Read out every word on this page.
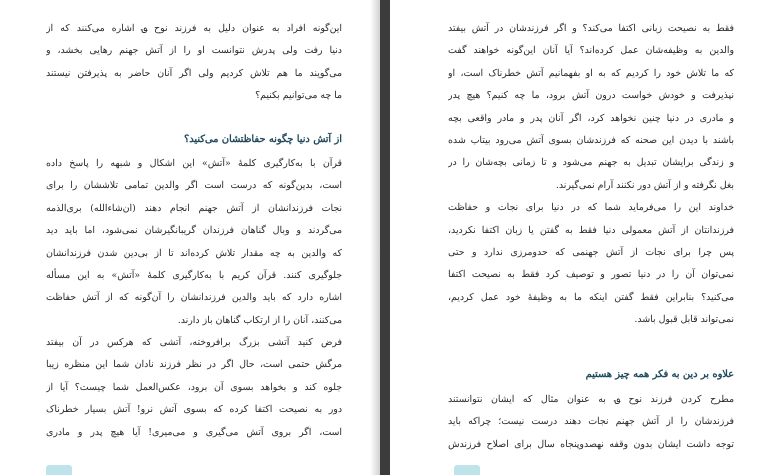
این‌گونه افراد به عنوان دلیل به فرزند نوح ؈ اشاره می‌کنند که از
دنیا رفت ولی پدرش نتوانست او را از آتش جهنم رهایی بخشد، و
می‌گویند ما هم تلاش کردیم ولی اگر آنان حاضر به پذیرفتن نیستند
ما چه می‌توانیم بکنیم؟
از آتش دنیا چگونه حفاظتشان می‌کنید؟
قرآن با به‌کارگیری کلمهٔ «آتش» این اشکال و شبهه را پاسخ داده
است، بدین‌گونه که درست است اگر والدین تمامی تلاششان را برای
نجات فرزندانشان از آتش جهنم انجام دهند (ان‌شاءالله) بری‌الذمه
می‌گردند و وبال گناهان فرزندان گریبانگیرشان نمی‌شود، اما باید دید
که والدین به چه مقدار تلاش کرده‌اند تا از بی‌دین شدن فرزندانشان
جلوگیری کنند. قرآن کریم با به‌کارگیری کلمهٔ «آتش» به این مسأله
اشاره دارد که باید والدین فرزندانشان را آن‌گونه که از آتش حفاظت
می‌کنند، آنان را از ارتکاب گناهان باز دارند.
فرض کنید آتشی بزرگ برافروخته، آتشی که هرکس در آن بیفتد
مرگش حتمی است، حال اگر در نظر فرزند نادان شما این منظره زیبا
جلوه کند و بخواهد بسوی آن برود، عکس‌العمل شما چیست؟ آیا از
دور به نصیحت اکتفا کرده که بسوی آتش نرو! آتش بسیار خطرناک
است، اگر بروی آتش می‌گیری و می‌میری! آیا هیچ پدر و مادری
فقط به نصیحت زبانی اکتفا می‌کند؟ و اگر فرزندشان در آتش بیفتد
والدین به وظیفه‌شان عمل کرده‌اند؟ آیا آنان این‌گونه خواهند گفت
که ما تلاش خود را کردیم که به او بفهمانیم آتش خطرناک است، او
نپذیرفت و خودش خواست درون آتش برود، ما چه کنیم؟ هیچ پدر
و مادری در دنیا چنین نخواهد کرد، اگر آنان پدر و مادر واقعی بچه
باشند با دیدن این صحنه که فرزندشان بسوی آتش می‌رود بیتاب شده
و زندگی برایشان تبدیل به جهنم می‌شود و تا زمانی بچه‌شان را در
بغل نگرفته و از آتش دور نکنند آرام نمی‌گیرند.
خداوند این را می‌فرماید شما که در دنیا برای نجات و حفاظت
فرزندانتان از آتش معمولی دنیا فقط به گفتن یا زبان اکتفا نکردید،
پس چرا برای نجات از آتش جهنمی که حدومرزی ندارد و حتی
نمی‌توان آن را در دنیا تصور و توصیف کرد فقط به نصیحت اکتفا
می‌کنید؟ بنابراین فقط گفتن اینکه ما به وظیفهٔ خود عمل کردیم،
نمی‌تواند قابل قبول باشد.
علاوه بر دین به فکر همه چیز هستیم
مطرح کردن فرزند نوح ؈ به عنوان مثال که ایشان نتوانستند
فرزندشان را از آتش جهنم نجات دهند درست نیست؛ چراکه باید
توجه داشت ایشان بدون وقفه نهصدوپنجاه سال برای اصلاح فرزندش
